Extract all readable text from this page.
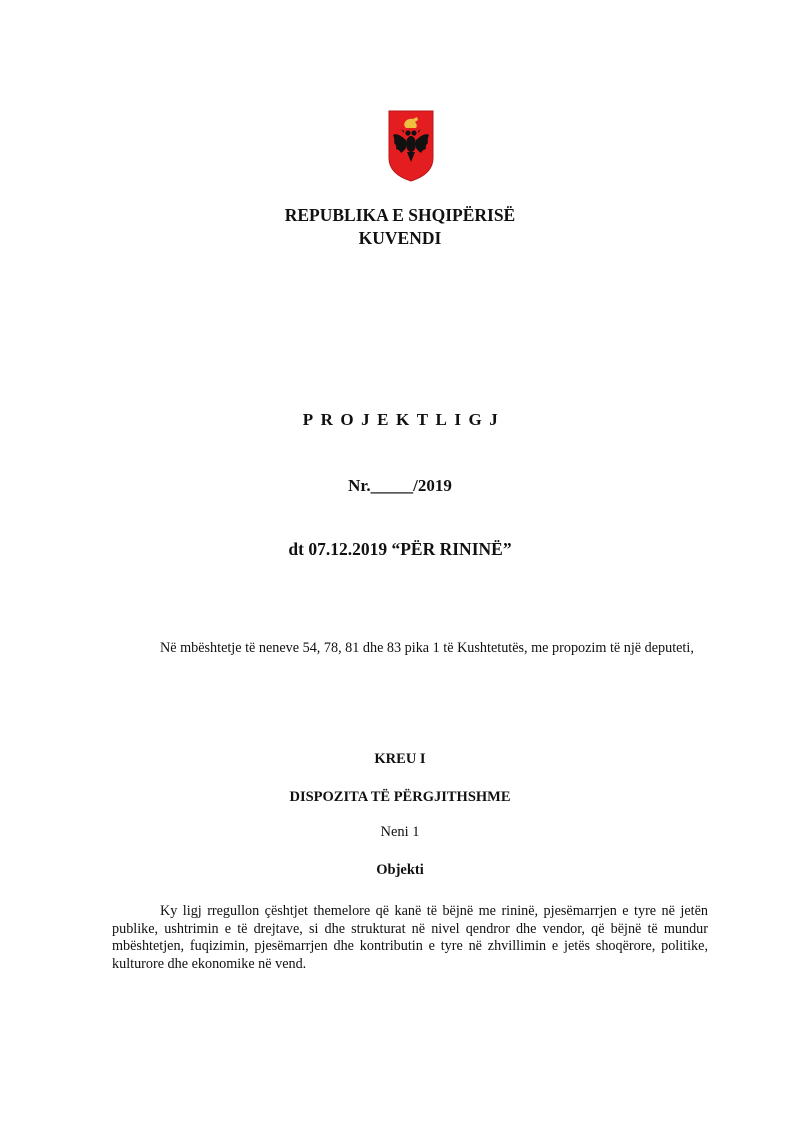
REPUBLIKA E SHQIPËRISË
KUVENDI
PROJEKTLIGJ
Nr._____/2019
dt 07.12.2019 “PËR RININË”
Në mbështetje të neneve 54, 78, 81 dhe 83 pika 1 të Kushtetutës, me propozim të një deputeti,
KREU I
DISPOZITA TË PËRGJITHSHME
Neni 1
Objekti
Ky ligj rregullon çështjet themelore që kanë të bëjnë me rininë, pjesëmarrjen e tyre në jetën publike, ushtrimin e të drejtave, si dhe strukturat në nivel qendror dhe vendor, që bëjnë të mundur mbështetjen, fuqizimin, pjesëmarrjen dhe kontributin e tyre në zhvillimin e jetës shoqërore, politike, kulturore dhe ekonomike në vend.
